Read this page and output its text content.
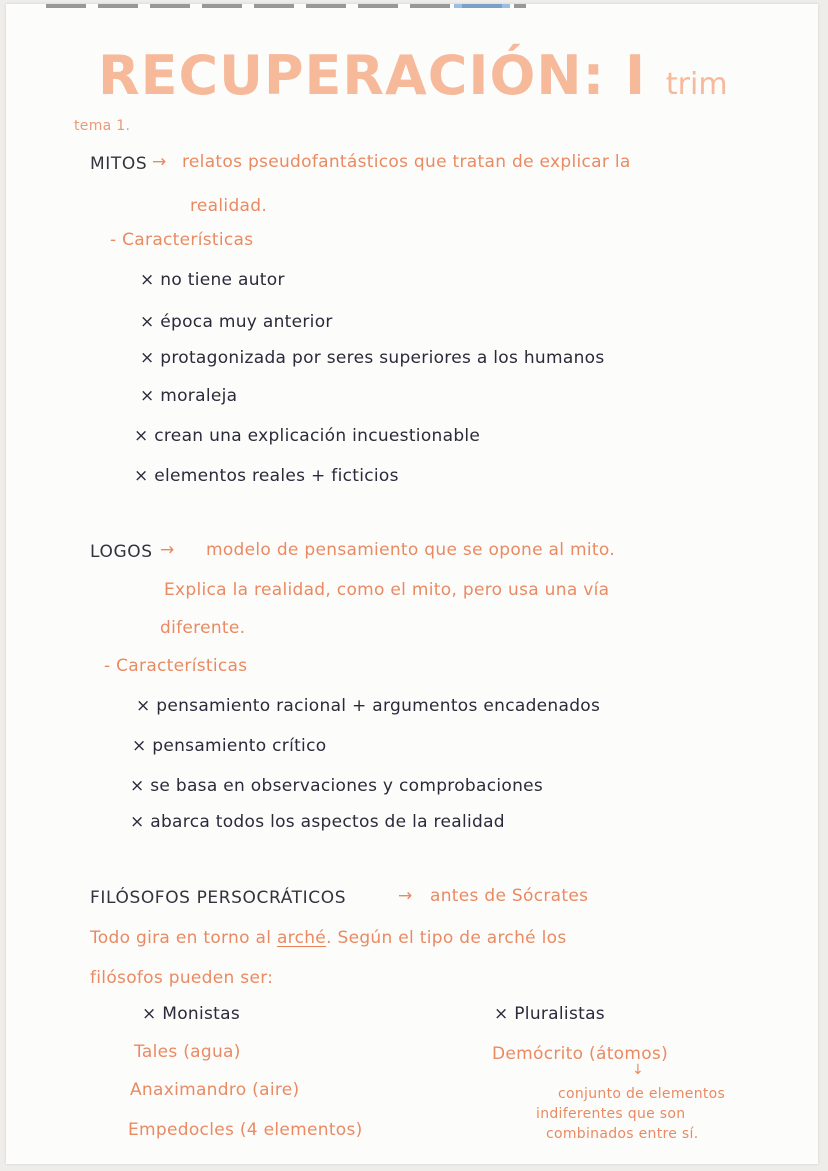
RECUPERACIÓN: I trim

tema 1.

MITOS → relatos pseudofantásticos que tratan de explicar la

realidad.

- Características

× no tiene autor

× época muy anterior

× protagonizada por seres superiores a los humanos

× moraleja

× crean una explicación incuestionable

× elementos reales + ficticios

LOGOS → modelo de pensamiento que se opone al mito.

Explica la realidad, como el mito, pero usa una vía

diferente.

- Características

× pensamiento racional + argumentos encadenados

× pensamiento crítico

× se basa en observaciones y comprobaciones

× abarca todos los aspectos de la realidad

FILÓSOFOS PERSOCRÁTICOS	→ antes de Sócrates

Todo gira en torno al arché. Según el tipo de arché los

filósofos pueden ser:

× Monistas

Tales (agua)

Anaximandro (aire)

Empedocles (4 elementos)

× Pluralistas

Demócrito (átomos)

↓

conjunto de elementos

indiferentes que son

combinados entre sí.
